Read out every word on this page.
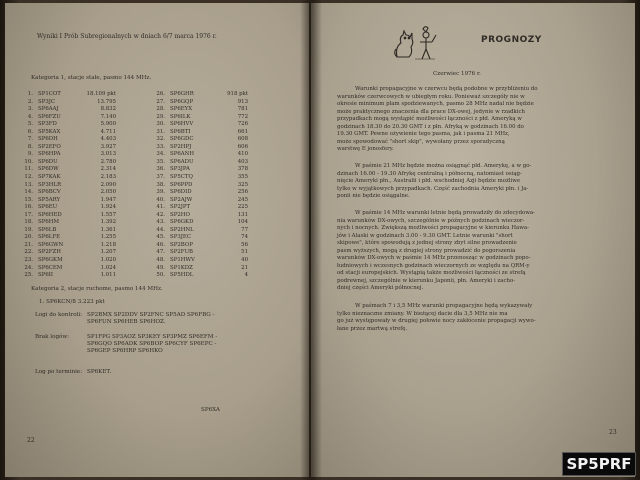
Wyniki I Prób Subregionalnych w dniach 6/7 marca 1976 r.
Kategoria 1, stacje stałe, pasmo 144 MHz.
1. SP1COT	18.109 pkt
2. SP3JC	13.795
3. SP6AAJ	8.832
4. SP6FZU	7.140
5. SP3FD	5.900
6. SP5KAX	4.711
7. SP6DH	4.403
8. SP2EFO	3.927
9. SP6HPA	3.013
10. SP6DU	2.780
11. SP6DW	2.314
12. SP7KAK	2.183
13. SP3HLR	2.090
14. SP6BCV	2.050
15. SP5ARY	1.947
16. SP6EU	1.924
17. SP6HED	1.557
18. SP6HM	1.392
19. SP6LB	1.361
20. SP6LFE	1.255
21. SP6GWN	1.218
22. SP2FZH	1.207
23. SP6GKM	1.020
24. SP6CEM	1.024
25. SP6II	1.011
26. SP6GHR	918 pkt
27. SP6GQP	913
28. SP6EYX	781
29. SP6ILK	772
30. SP6HVV	726
31. SP6BTI	661
32. SP6GDC	608
33. SP2HPJ	606
34. SP6ANH	410
35. SP6ADU	403
36. SP3JPA	378
37. SP5CTQ	355
38. SP6PPD	325
39. SP6DID	256
40. SP2AJW	245
41. SP2JPT	225
42. SP2HO	131
43. SP6GKD	104
44. SP2HNL	77
45. SP3JEC	74
46. SP2BOP	56
47. SP2FUB	51
48. SP1HWV	40
49. SP1KDZ	21
50. SP5HDL	4
Kategoria 2, stacje ruchome, pasmo 144 MHz.
1. SP6KCN/8 3.223 pkt
Logi do kontroli: SP2BMX SP2DDV SP2FNC SP5AD SP6FBG -
SP6FUN SP6HEB SP6HOZ.
Brak logów:	SP1FPG SP3AOZ SP3KEY SP3PMZ SP6EFM -
SP6GQO SP6ADK SP6BOP SP6CYF SP6EPC -
SP6GEP SP6HRP SP6HKO
Log po terminie: SP6KET.
SP6XA
22
PROGNOZY
Czerwiec 1976 r.
Warunki propagacyjne w czerwcu będą podobne w przybliżeniu do
warunków czerwcowych w ubiegłym roku. Ponieważ szczegóły nie w
okresie minimum plam spodziewanych, pasmo 28 MHz nadal nie będzie
może praktycznego znaczenia dla prace DX-owej, jedynie w rzadkich
przypadkach mogą wystąpić możliwości łączności z płd. Ameryką w
godzinach 18.30 do 20.30 GMT i z płn. Afryką w godzinach 16.00 do
19.30 GMT. Pewne ożywienie tego pasma, jak i pasma 21 MHz,
może spowodować "short skip", wywołany przez sporadyczną
warstwę E jonosfery.
W paśmie 21 MHz będzie można osiągnąć płd. Amerykę, a w go-
dzinach 16.00 - 19.30 Afrykę centralną i północną, natomiast osiąg-
nięcie Ameryki płn., Australii i płd. wschodniej Azji będzie możliwe
tylko w wyjątkowych przypadkach. Część zachodnia Ameryki płn. i Ja-
ponii nie będzie osiągalne.
W paśmie 14 MHz warunki letnie będą prowadziły do zdecydowa-
nia warunków DX-owych, szczególnie w późnych godzinach wieczor-
nych i nocnych. Zwiększą możliwości propagacyjne w kierunku Hawa-
jów i Alaski w godzinach 3.00 - 9.30 GMT. Letnie warunki "short
skipowe", które spowodują z jednej strony zbyt silne prowadzenie
pasm wyższych, mogą z drugiej strony prowadzić do pogorszenia
warunków DX-owych w paśmie 14 MHz przenosząc w godzinach popo-
łudniowych i wczesnych godzinach wieczornych ze względu na QRM-y
od stacji europejskich. Wystąpią także możliwości łączności ze strefą
podrewnej, szczególnie w kierunku Japonii, płn. Ameryki i zacho-
dniej części Ameryki północnej.
W paśmach 7 i 3,5 MHz warunki propagacyjne będą wykazywały
tylko nieznaczne zmiany. W bieżącej dacie dla 3,5 MHz nie ma
go już występowały w drugiej połowie nocy zakłócenie propagacji wywo-
łane przez martwą strefę.
23
SP5PRF
